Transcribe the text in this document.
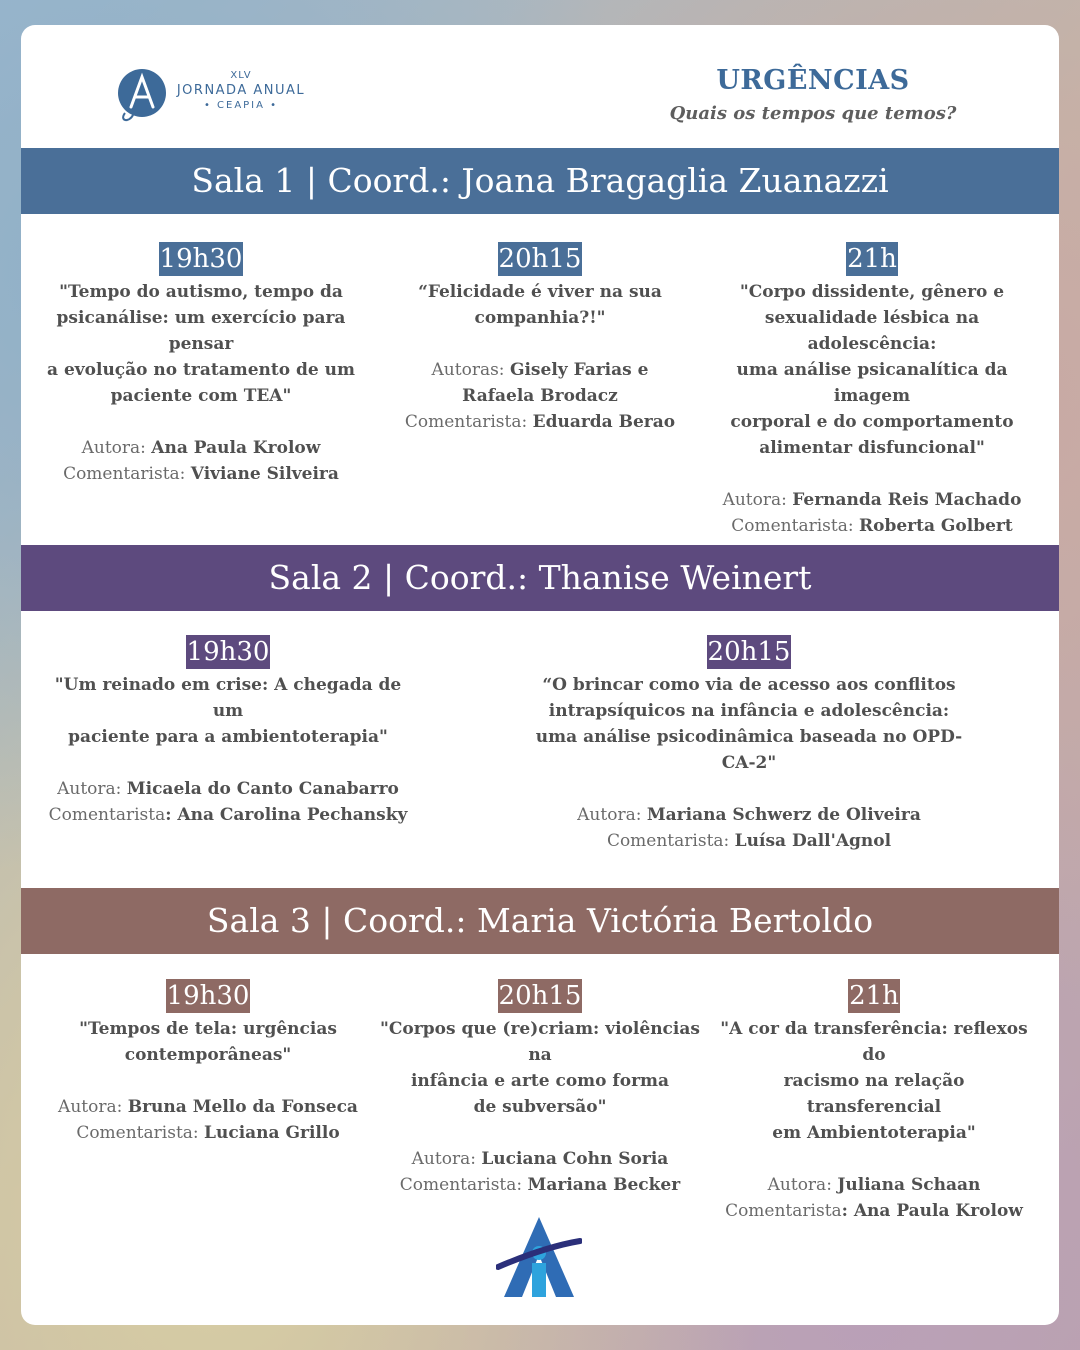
XLV
JORNADA ANUAL
• CEAPIA •
URGÊNCIAS
Quais os tempos que temos?
Sala 1 | Coord.: Joana Bragaglia Zuanazzi
19h30
"Tempo do autismo, tempo da
psicanálise: um exercício para pensar
a evolução no tratamento de um
paciente com TEA"
Autora: Ana Paula Krolow
Comentarista: Viviane Silveira
20h15
“Felicidade é viver na sua
companhia?!"
Autoras: Gisely Farias e
Rafaela Brodacz
Comentarista: Eduarda Berao
21h
"Corpo dissidente, gênero e
sexualidade lésbica na adolescência:
uma análise psicanalítica da imagem
corporal e do comportamento
alimentar disfuncional"
Autora: Fernanda Reis Machado
Comentarista: Roberta Golbert
Sala 2 | Coord.: Thanise Weinert
19h30
"Um reinado em crise: A chegada de um
paciente para a ambientoterapia"
Autora: Micaela do Canto Canabarro
Comentarista: Ana Carolina Pechansky
20h15
“O brincar como via de acesso aos conflitos
intrapsíquicos na infância e adolescência:
uma análise psicodinâmica baseada no OPD-CA-2"
Autora: Mariana Schwerz de Oliveira
Comentarista: Luísa Dall'Agnol
Sala 3 | Coord.: Maria Victória Bertoldo
19h30
"Tempos de tela: urgências
contemporâneas"
Autora: Bruna Mello da Fonseca
Comentarista: Luciana Grillo
20h15
"Corpos que (re)criam: violências na
infância e arte como forma
de subversão"
Autora: Luciana Cohn Soria
Comentarista: Mariana Becker
21h
"A cor da transferência: reflexos do
racismo na relação transferencial
em Ambientoterapia"
Autora: Juliana Schaan
Comentarista: Ana Paula Krolow
